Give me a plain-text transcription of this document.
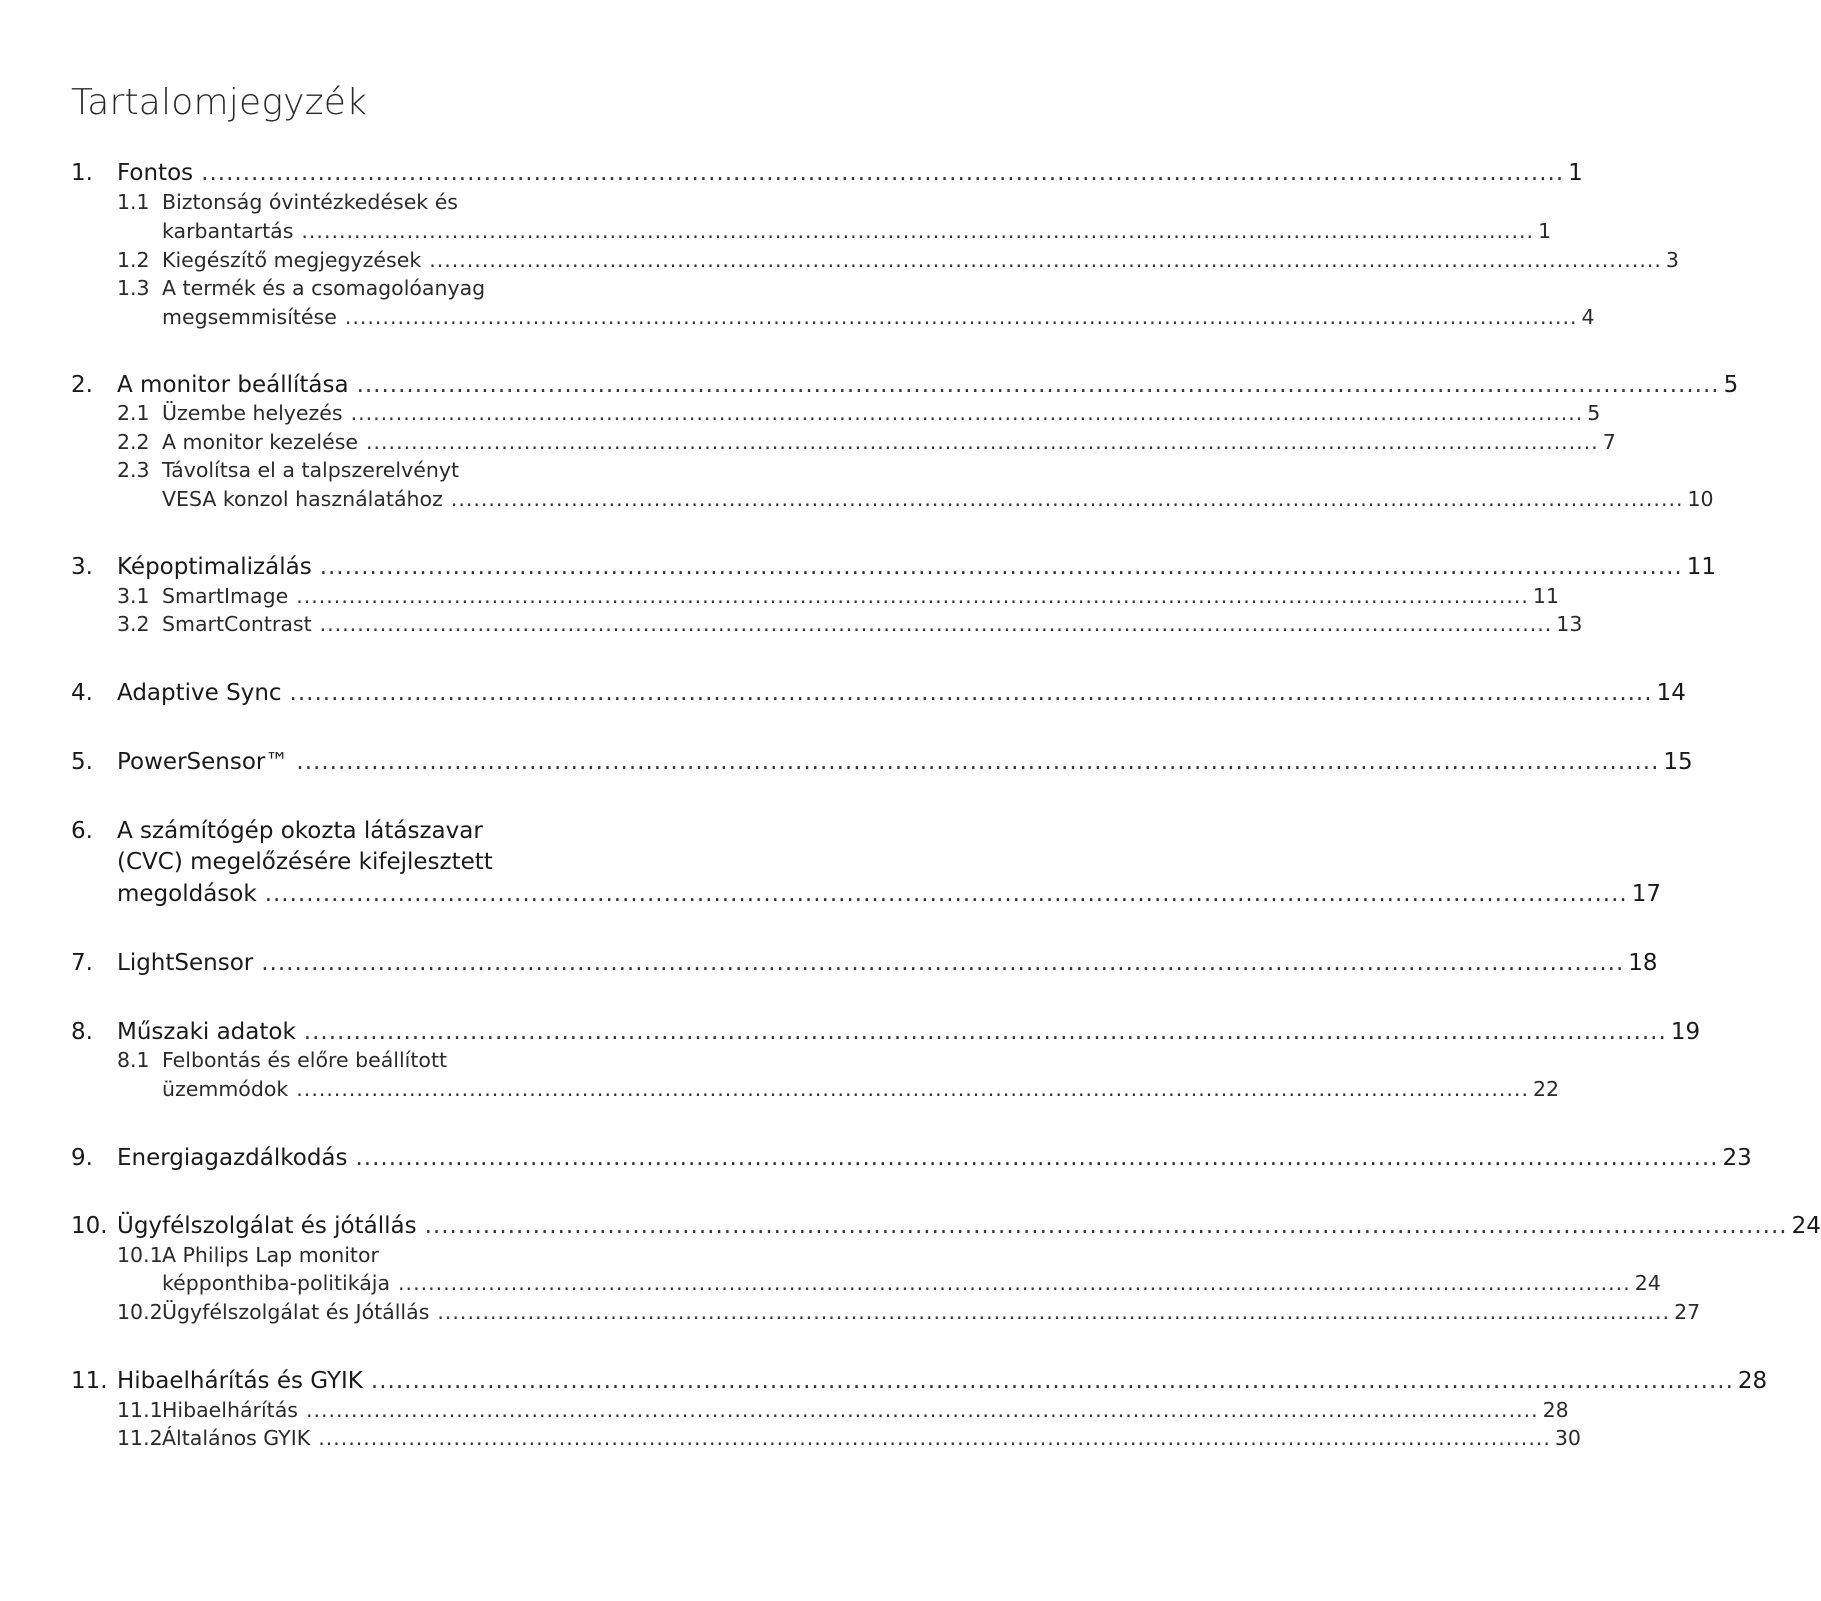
Tartalomjegyzék
1.	Fontos .....	1
1.1 Biztonság óvintézkedések és
karbantartás .....	1
1.2 Kiegészítő megjegyzések .....	3
1.3 A termék és a csomagolóanyag
megsemmisítése .....	4
2.	A monitor beállítása .....	5
2.1 Üzembe helyezés .....	5
2.2 A monitor kezelése .....	7
2.3 Távolítsa el a talpszerelvényt
VESA konzol használatához .....	10
3.	Képoptimalizálás .....	11
3.1 SmartImage .....	11
3.2 SmartContrast .....	13
4.	Adaptive Sync .....	14
5.	PowerSensor™ .....	15
6.	A számítógép okozta látászavar
(CVC) megelőzésére kifejlesztett
megoldások .....	17
7.	LightSensor .....	18
8.	Műszaki adatok .....	19
8.1 Felbontás és előre beállított
üzemmódok .....	22
9.	Energiagazdálkodás .....	23
10. Ügyfélszolgálat és jótállás .....	24
10.1 A Philips Lap monitor
képponthiba-politikája .....	24
10.2 Ügyfélszolgálat és Jótállás .....	27
11. Hibaelhárítás és GYIK .....	28
11.1 Hibaelhárítás .....	28
11.2 Általános GYIK .....	30
